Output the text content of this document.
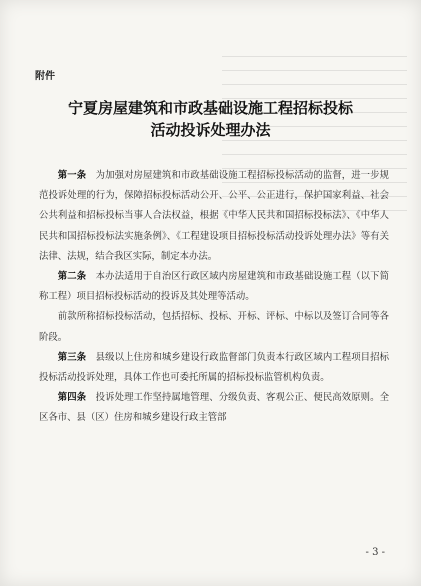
附件
宁夏房屋建筑和市政基础设施工程招标投标
活动投诉处理办法

第一条　 为加强对房屋建筑和市政基础设施工程招标投标活动的监督，进一步规范投诉处理的行为，保障招标投标活动公开、公平、公正进行，保护国家利益、社会公共利益和招标投标当事人合法权益，根据《中华人民共和国招标投标法》、《中华人民共和国招标投标法实施条例》、《工程建设项目招标投标活动投诉处理办法》等有关法律、法规，结合我区实际，制定本办法。

第二条　 本办法适用于自治区行政区域内房屋建筑和市政基础设施工程（以下简称工程）项目招标投标活动的投诉及其处理等活动。

前款所称招标投标活动，包括招标、投标、开标、评标、中标以及签订合同等各阶段。

第三条　 县级以上住房和城乡建设行政监督部门负责本行政区域内工程项目招标投标活动投诉处理，具体工作也可委托所属的招标投标监管机构负责。

第四条　 投诉处理工作坚持属地管理、分级负责、客观公正、便民高效原则。全区各市、县（区）住房和城乡建设行政主管部

- 3 -
